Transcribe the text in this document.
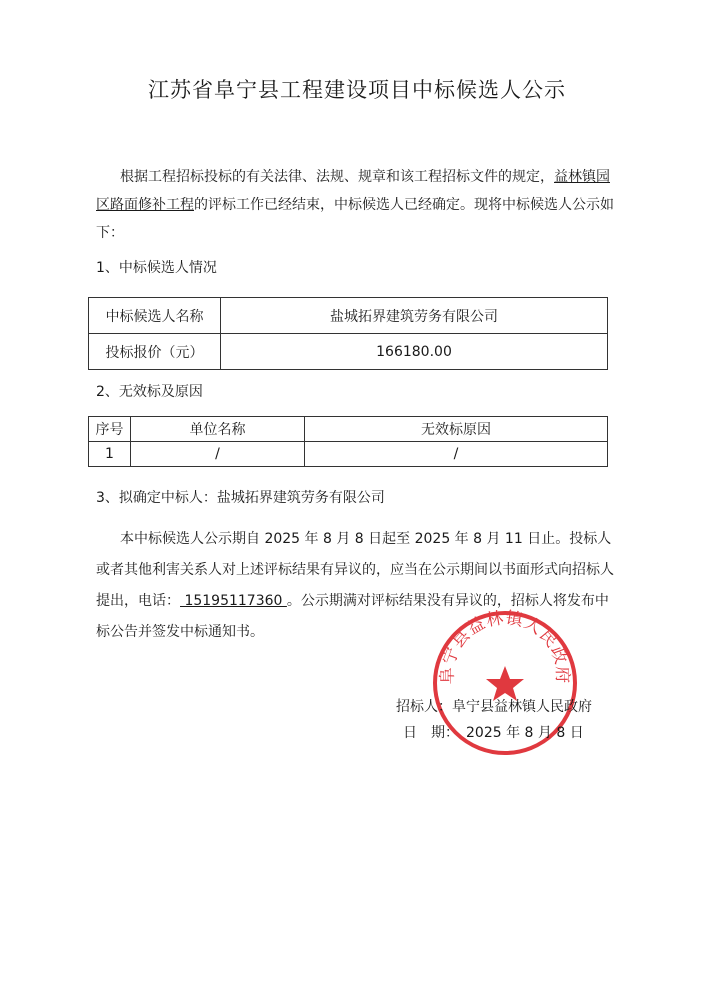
江苏省阜宁县工程建设项目中标候选人公示
根据工程招标投标的有关法律、法规、规章和该工程招标文件的规定，益林镇园区路面修补工程的评标工作已经结束，中标候选人已经确定。现将中标候选人公示如下：
1、中标候选人情况
中标候选人名称	盐城拓界建筑劳务有限公司
投标报价（元）	166180.00
2、无效标及原因
序号	单位名称	无效标原因
1	/	/
3、拟确定中标人：盐城拓界建筑劳务有限公司
本中标候选人公示期自 2025 年 8 月 8 日起至 2025 年 8 月 11 日止。投标人或者其他利害关系人对上述评标结果有异议的，应当在公示期间以书面形式向招标人提出，电话： 15195117360 。公示期满对评标结果没有异议的，招标人将发布中标公告并签发中标通知书。
阜宁县益林镇人民政府
招标人：阜宁县益林镇人民政府
日　期：　2025 年 8 月 8 日
